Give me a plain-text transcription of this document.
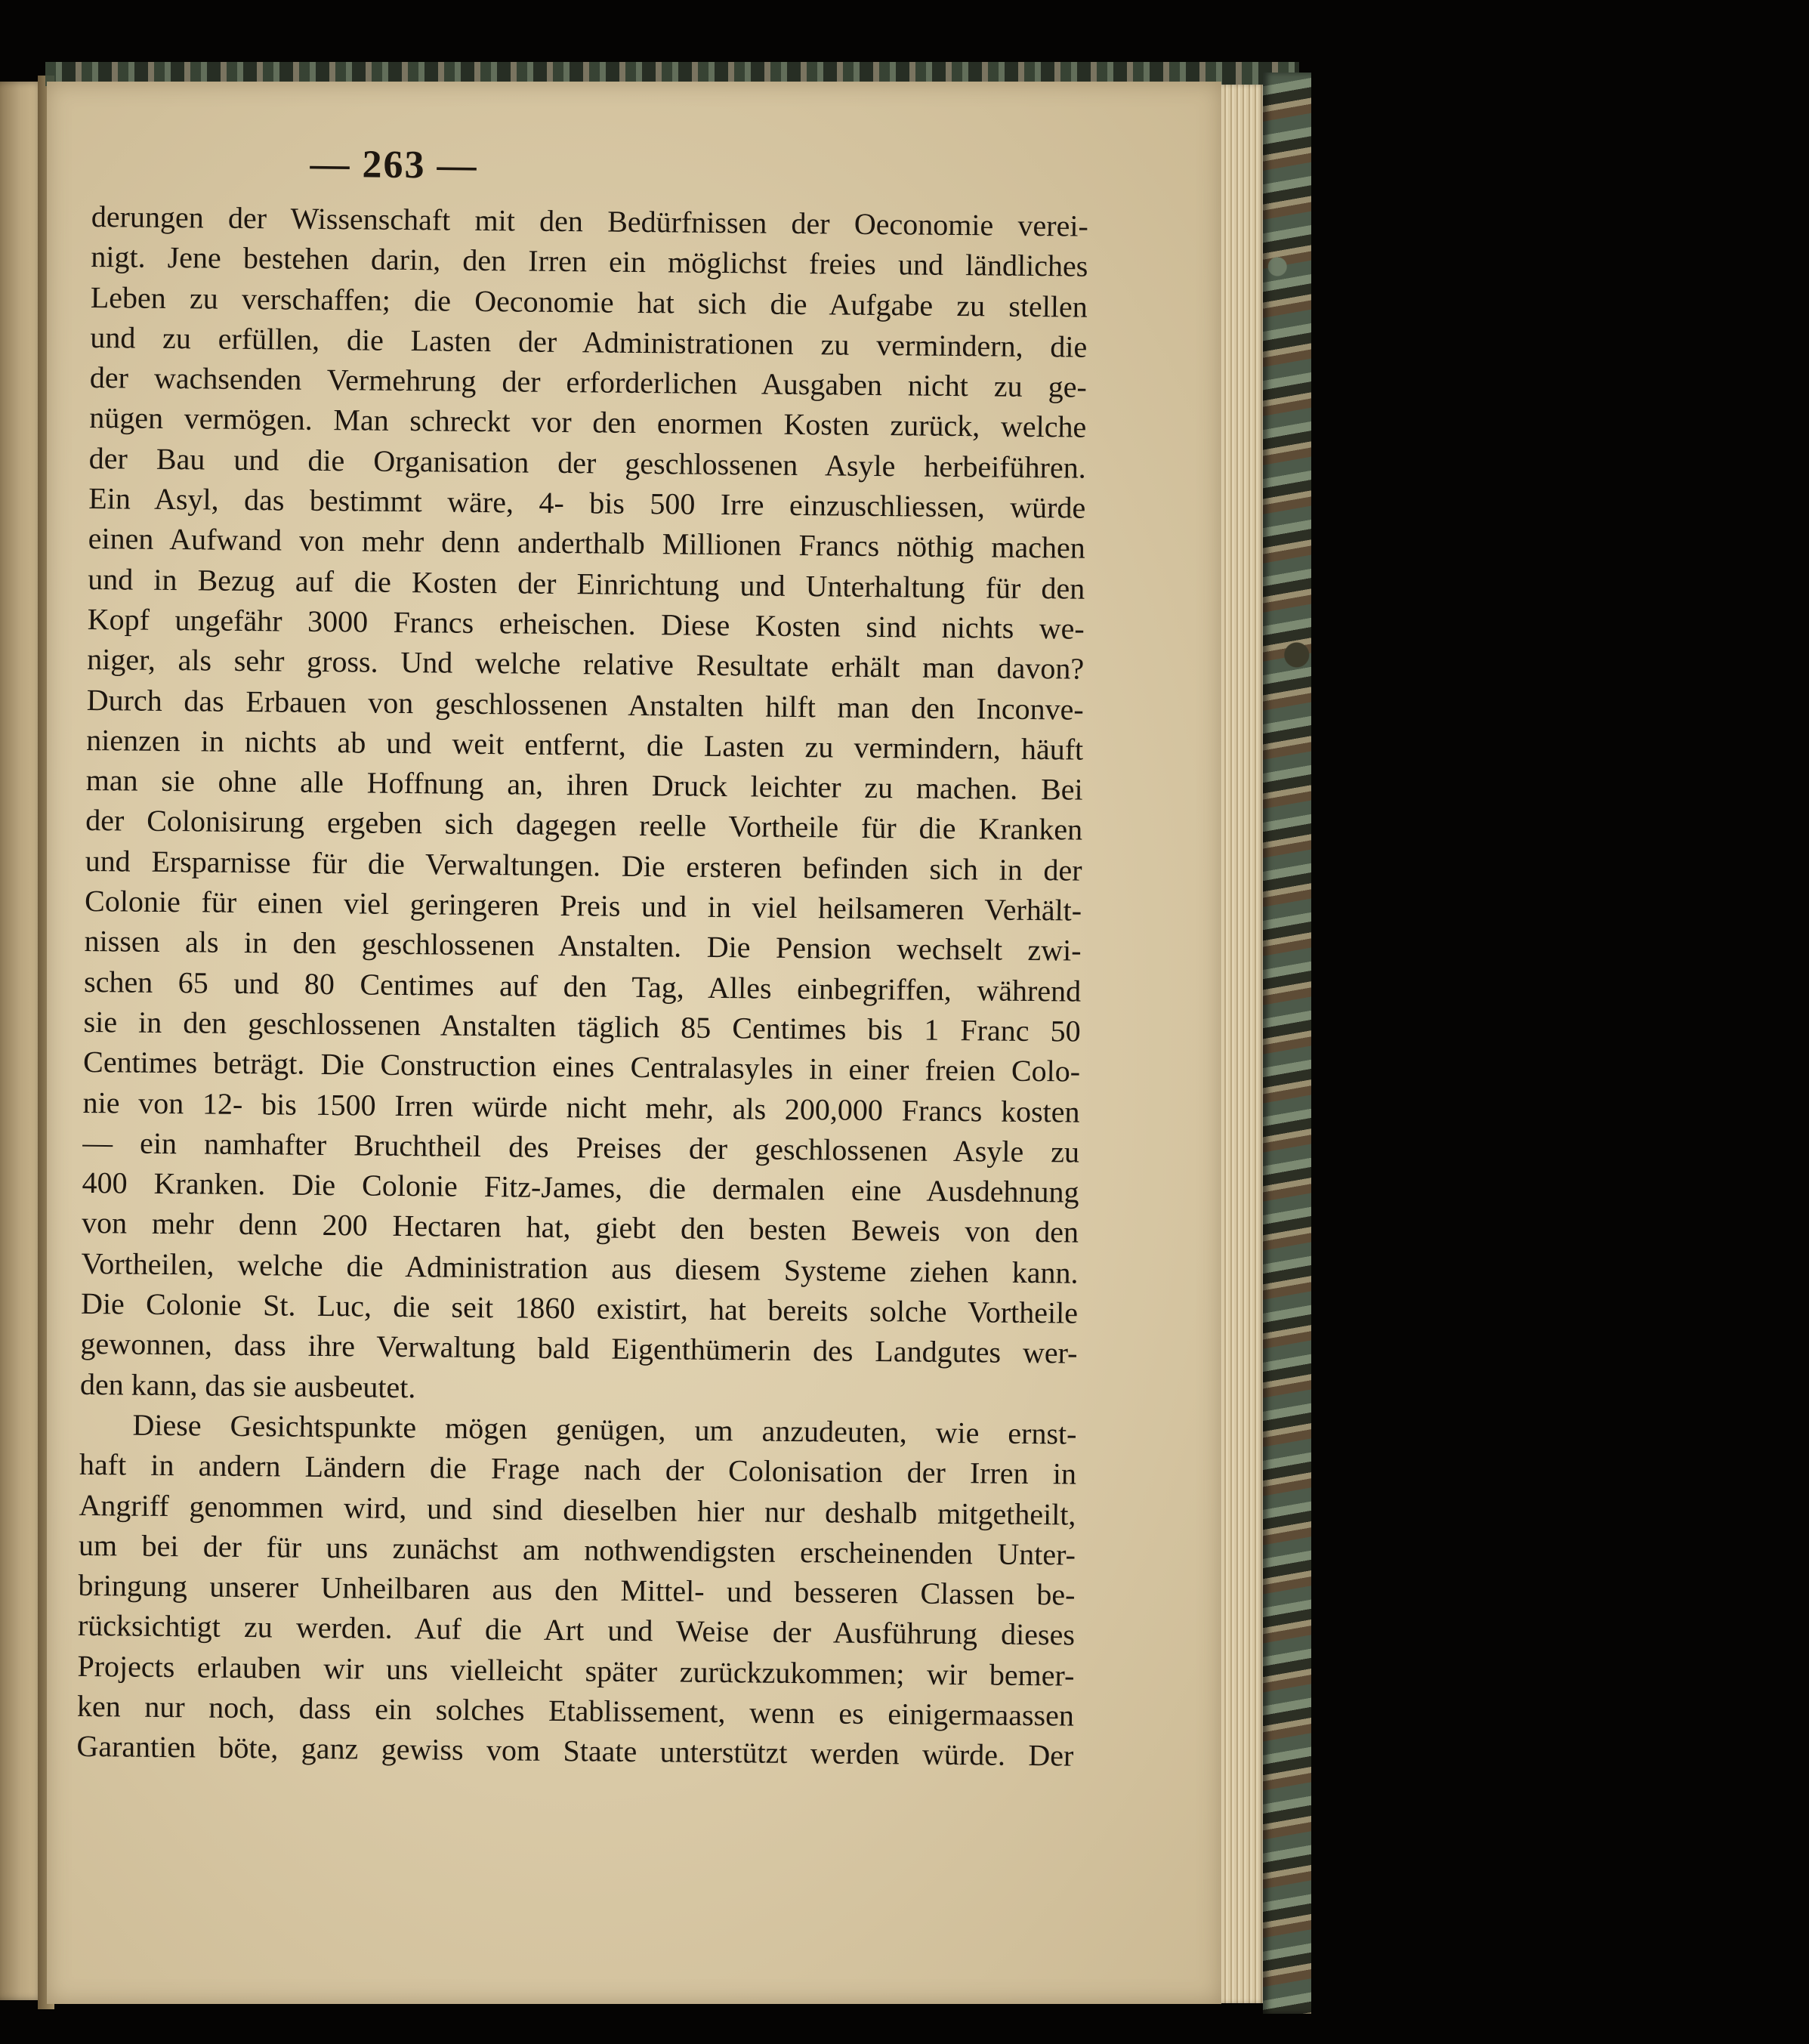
— 263 —
derungen der Wissenschaft mit den Bedürfnissen der Oeconomie verei-
nigt. Jene bestehen darin, den Irren ein möglichst freies und ländliches
Leben zu verschaffen; die Oeconomie hat sich die Aufgabe zu stellen
und zu erfüllen, die Lasten der Administrationen zu vermindern, die
der wachsenden Vermehrung der erforderlichen Ausgaben nicht zu ge-
nügen vermögen. Man schreckt vor den enormen Kosten zurück, welche
der Bau und die Organisation der geschlossenen Asyle herbeiführen.
Ein Asyl, das bestimmt wäre, 4- bis 500 Irre einzuschliessen, würde
einen Aufwand von mehr denn anderthalb Millionen Francs nöthig machen
und in Bezug auf die Kosten der Einrichtung und Unterhaltung für den
Kopf ungefähr 3000 Francs erheischen. Diese Kosten sind nichts we-
niger, als sehr gross. Und welche relative Resultate erhält man davon?
Durch das Erbauen von geschlossenen Anstalten hilft man den Inconve-
nienzen in nichts ab und weit entfernt, die Lasten zu vermindern, häuft
man sie ohne alle Hoffnung an, ihren Druck leichter zu machen. Bei
der Colonisirung ergeben sich dagegen reelle Vortheile für die Kranken
und Ersparnisse für die Verwaltungen. Die ersteren befinden sich in der
Colonie für einen viel geringeren Preis und in viel heilsameren Verhält-
nissen als in den geschlossenen Anstalten. Die Pension wechselt zwi-
schen 65 und 80 Centimes auf den Tag, Alles einbegriffen, während
sie in den geschlossenen Anstalten täglich 85 Centimes bis 1 Franc 50
Centimes beträgt. Die Construction eines Centralasyles in einer freien Colo-
nie von 12- bis 1500 Irren würde nicht mehr, als 200,000 Francs kosten
— ein namhafter Bruchtheil des Preises der geschlossenen Asyle zu
400 Kranken. Die Colonie Fitz-James, die dermalen eine Ausdehnung
von mehr denn 200 Hectaren hat, giebt den besten Beweis von den
Vortheilen, welche die Administration aus diesem Systeme ziehen kann.
Die Colonie St. Luc, die seit 1860 existirt, hat bereits solche Vortheile
gewonnen, dass ihre Verwaltung bald Eigenthümerin des Landgutes wer-
den kann, das sie ausbeutet.
Diese Gesichtspunkte mögen genügen, um anzudeuten, wie ernst-
haft in andern Ländern die Frage nach der Colonisation der Irren in
Angriff genommen wird, und sind dieselben hier nur deshalb mitgetheilt,
um bei der für uns zunächst am nothwendigsten erscheinenden Unter-
bringung unserer Unheilbaren aus den Mittel- und besseren Classen be-
rücksichtigt zu werden. Auf die Art und Weise der Ausführung dieses
Projects erlauben wir uns vielleicht später zurückzukommen; wir bemer-
ken nur noch, dass ein solches Etablissement, wenn es einigermaassen
Garantien böte, ganz gewiss vom Staate unterstützt werden würde. Der
